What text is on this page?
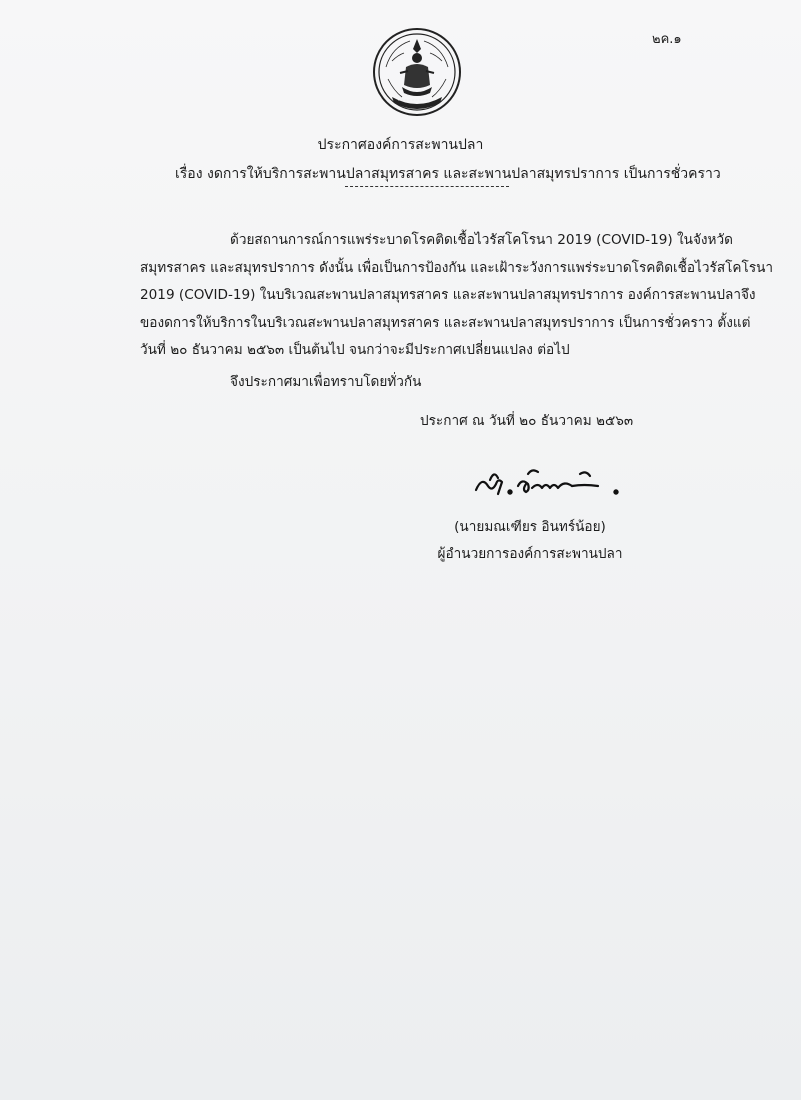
๒ค.๑
ประกาศองค์การสะพานปลา
เรื่อง งดการให้บริการสะพานปลาสมุทรสาคร และสะพานปลาสมุทรปราการ เป็นการชั่วคราว
ด้วยสถานการณ์การแพร่ระบาดโรคติดเชื้อไวรัสโคโรนา 2019 (COVID-19) ในจังหวัด
สมุทรสาคร และสมุทรปราการ ดังนั้น เพื่อเป็นการป้องกัน และเฝ้าระวังการแพร่ระบาดโรคติดเชื้อไวรัสโคโรนา
2019 (COVID-19) ในบริเวณสะพานปลาสมุทรสาคร และสะพานปลาสมุทรปราการ องค์การสะพานปลาจึง
ของดการให้บริการในบริเวณสะพานปลาสมุทรสาคร และสะพานปลาสมุทรปราการ เป็นการชั่วคราว ตั้งแต่
วันที่ ๒๐ ธันวาคม ๒๕๖๓ เป็นต้นไป จนกว่าจะมีประกาศเปลี่ยนแปลง ต่อไป
จึงประกาศมาเพื่อทราบโดยทั่วกัน
ประกาศ ณ วันที่ ๒๐ ธันวาคม ๒๕๖๓
(นายมณเฑียร อินทร์น้อย)
ผู้อำนวยการองค์การสะพานปลา
